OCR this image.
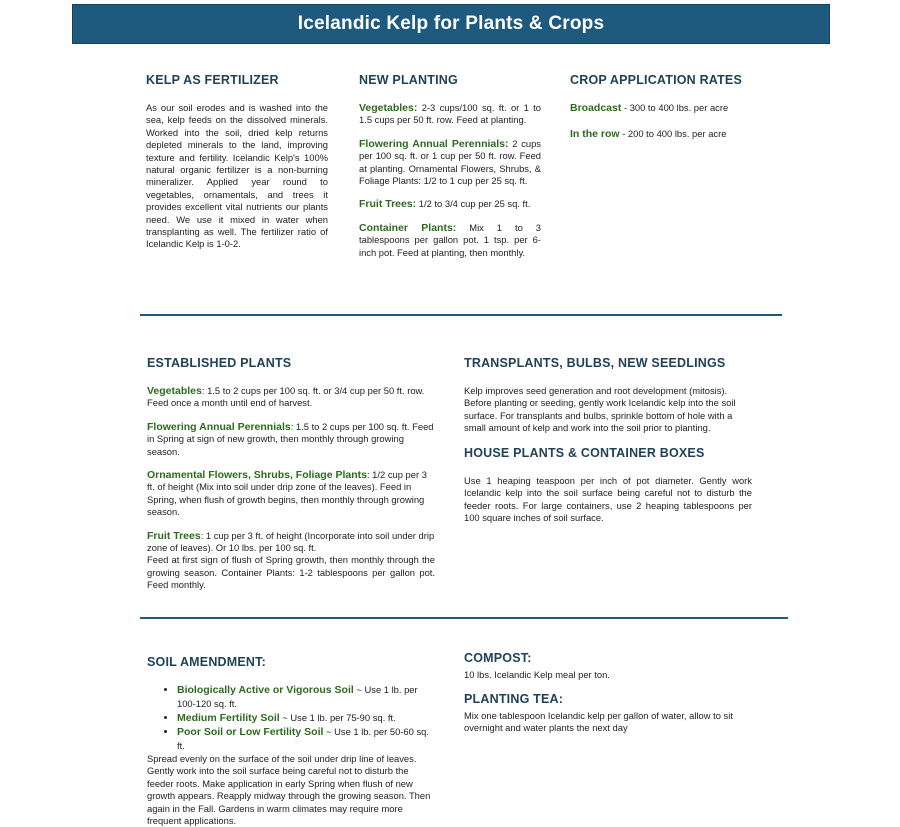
Icelandic Kelp for Plants & Crops
KELP AS FERTILIZER

As our soil erodes and is washed into the sea, kelp feeds on the dissolved minerals. Worked into the soil, dried kelp returns depleted minerals to the land, improving texture and fertility. Icelandic Kelp's 100% natural organic fertilizer is a non-burning mineralizer. Applied year round to vegetables, ornamentals, and trees it provides excellent vital nutrients our plants need. We use it mixed in water when transplanting as well. The fertilizer ratio of Icelandic Kelp is 1-0-2.

NEW PLANTING

Vegetables: 2-3 cups/100 sq. ft. or 1 to 1.5 cups per 50 ft. row. Feed at planting.

Flowering Annual Perennials: 2 cups per 100 sq. ft. or 1 cup per 50 ft. row. Feed at planting. Ornamental Flowers, Shrubs, & Foliage Plants: 1/2 to 1 cup per 25 sq. ft.

Fruit Trees: 1/2 to 3/4 cup per 25 sq. ft.

Container Plants: Mix 1 to 3 tablespoons per gallon pot. 1 tsp. per 6-inch pot. Feed at planting, then monthly.

CROP APPLICATION RATES

Broadcast - 300 to 400 lbs. per acre

In the row - 200 to 400 lbs. per acre

ESTABLISHED PLANTS

Vegetables: 1.5 to 2 cups per 100 sq. ft. or 3/4 cup per 50 ft. row. Feed once a month until end of harvest.

Flowering Annual Perennials: 1.5 to 2 cups per 100 sq. ft. Feed in Spring at sign of new growth, then monthly through growing season.

Ornamental Flowers, Shrubs, Foliage Plants: 1/2 cup per 3 ft. of height (Mix into soil under drip zone of the leaves). Feed in Spring, when flush of growth begins, then monthly through growing season.

Fruit Trees: 1 cup per 3 ft. of height (Incorporate into soil under drip zone of leaves). Or 10 lbs. per 100 sq. ft.

Feed at first sign of flush of Spring growth, then monthly through the growing season. Container Plants: 1-2 tablespoons per gallon pot. Feed monthly.

TRANSPLANTS, BULBS, NEW SEEDLINGS

Kelp improves seed generation and root development (mitosis). Before planting or seeding, gently work Icelandic kelp into the soil surface. For transplants and bulbs, sprinkle bottom of hole with a small amount of kelp and work into the soil prior to planting.

HOUSE PLANTS & CONTAINER BOXES

Use 1 heaping teaspoon per inch of pot diameter. Gently work Icelandic kelp into the soil surface being careful not to disturb the feeder roots. For large containers, use 2 heaping tablespoons per 100 square inches of soil surface.

SOIL AMENDMENT:
• Biologically Active or Vigorous Soil ~ Use 1 lb. per 100-120 sq. ft.
• Medium Fertility Soil ~ Use 1 lb. per 75-90 sq. ft.
• Poor Soil or Low Fertility Soil ~ Use 1 lb. per 50-60 sq. ft.

Spread evenly on the surface of the soil under drip line of leaves. Gently work into the soil surface being careful not to disturb the feeder roots. Make application in early Spring when flush of new growth appears. Reapply midway through the growing season. Then again in the Fall. Gardens in warm climates may require more frequent applications.

COMPOST:

10 lbs. Icelandic Kelp meal per ton.

PLANTING TEA:

Mix one tablespoon Icelandic kelp per gallon of water, allow to sit overnight and water plants the next day
